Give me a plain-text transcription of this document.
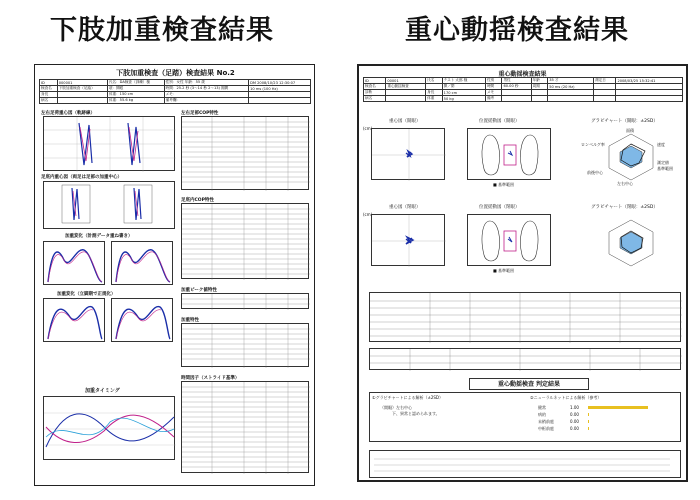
下肢加重検査結果	重心動揺検査結果
下肢加重検査（足踏）検査結果 No.2
ID	000001	氏名：DA検査（訓練）様	性別：女性 年齢：55 歳	DM 2008/10/23 12:30:07
検査名	下肢加重検査（足踏）	項：開眼	時間：25.2 秒 (3〜14 秒 2〜13) 期間	10 ms (100 Hz)
身長		体重：150 cm	メモ：	
病名		体重：55.6 kg	備考欄：	
左右足荷重心図（軌跡線）
足底内重心図（両足は足部の加重中心）
加重変化（計測データ重ね書き）
加重変化（立脚期で正規化）
加重タイミング
左右足部COP特性
足底内COP特性
加重ピーク値特性
加重特性
時間因子（ストライド基準）
重心動揺検査結果
ID	00001	氏名	テスト 太郎 様	性別	男性	年齢	35 才	測定日	2008/03/25 15:32:41
検査名	重心動揺検査		開／閉	時間	60.00 秒	周期	50 ms (20 Hz)		
診断		身長	170 cm	メモ					
病名		体重	50 kg	備考					
重心図（開眼）
(cm)
位置揺動図（開眼）
■ 基準範囲
グラビチャート（開眼：±2SD）
面積
速度
ロンベルグ率
前後中心
左右中心
基準範囲
測定値
重心図（閉眼）
(cm)
位置揺動図（閉眼）
■ 基準範囲
グラビチャート（閉眼：±2SD）
重心動揺検査 判定結果
①グラビチャートによる解析（±2SD）	②ニューラルネットによる解析（参考）
（開眼）左右中心
下、異常と認められます。
健常	1.00
病的	0.00
末梢前庭	0.00
中枢前庭	0.00
